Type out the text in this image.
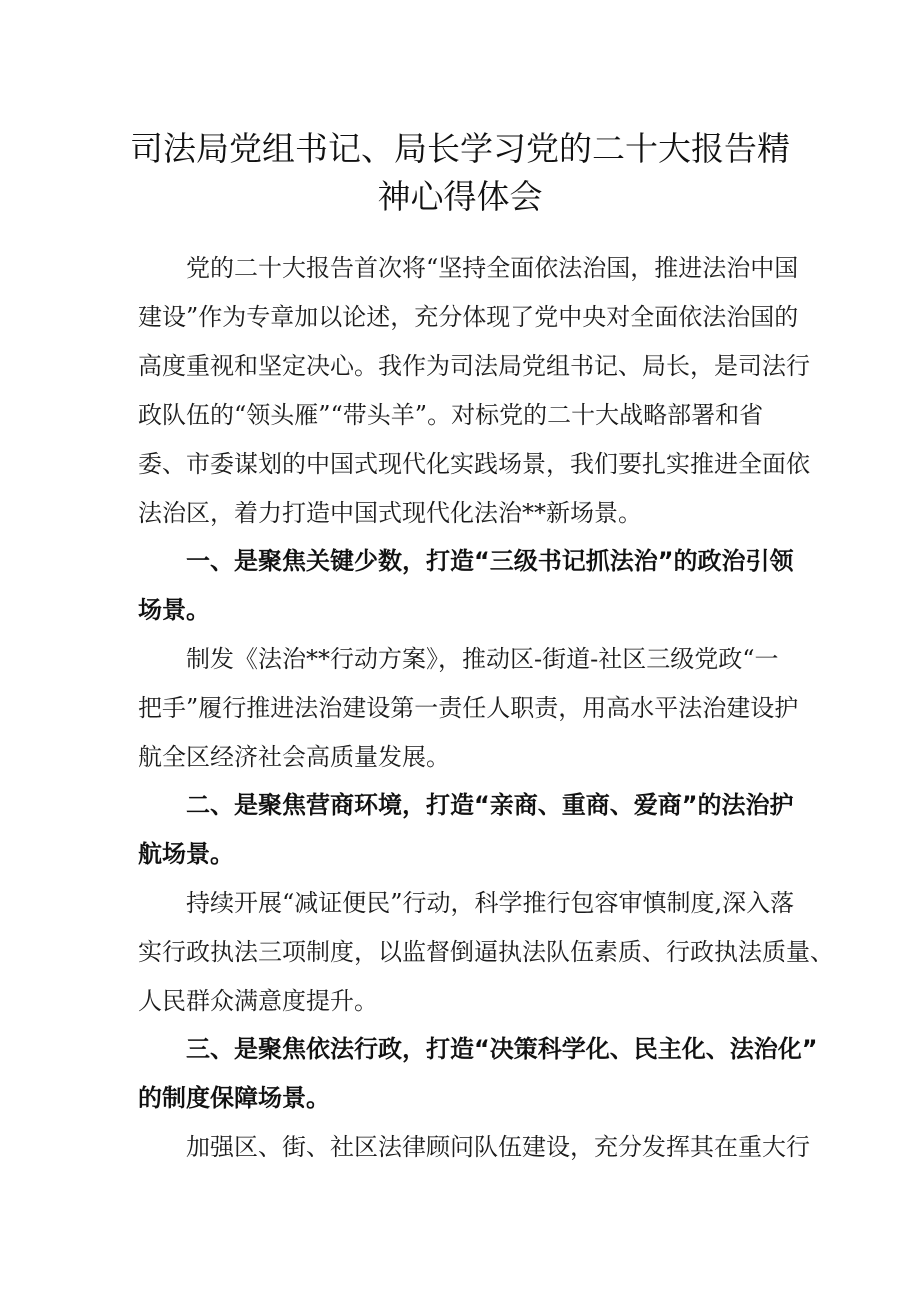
司法局党组书记、局长学习党的二十大报告精
神心得体会
党的二十大报告首次将“坚持全面依法治国，推进法治中国
建设”作为专章加以论述，充分体现了党中央对全面依法治国的
高度重视和坚定决心。我作为司法局党组书记、局长，是司法行
政队伍的“领头雁”“带头羊”。对标党的二十大战略部署和省
委、市委谋划的中国式现代化实践场景，我们要扎实推进全面依
法治区，着力打造中国式现代化法治**新场景。
一、是聚焦关键少数，打造“三级书记抓法治”的政治引领
场景。
制发《法治**行动方案》，推动区-街道-社区三级党政“一
把手”履行推进法治建设第一责任人职责，用高水平法治建设护
航全区经济社会高质量发展。
二、是聚焦营商环境，打造“亲商、重商、爱商”的法治护
航场景。
持续开展“减证便民”行动，科学推行包容审慎制度,深入落
实行政执法三项制度，以监督倒逼执法队伍素质、行政执法质量、
人民群众满意度提升。
三、是聚焦依法行政，打造“决策科学化、民主化、法治化”
的制度保障场景。
加强区、街、社区法律顾问队伍建设，充分发挥其在重大行
